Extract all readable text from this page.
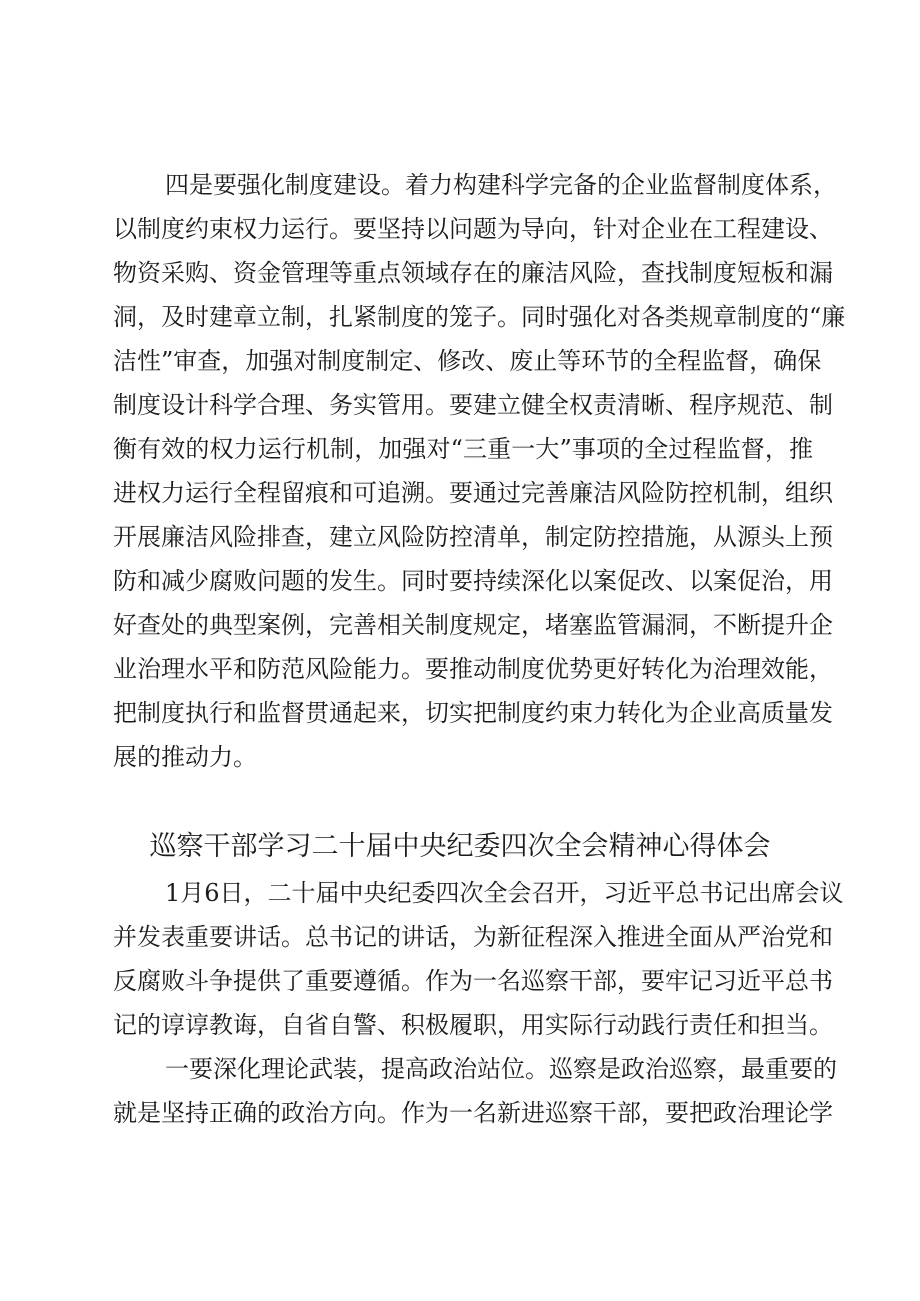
四是要强化制度建设。着力构建科学完备的企业监督制度体系，
以制度约束权力运行。要坚持以问题为导向，针对企业在工程建设、
物资采购、资金管理等重点领域存在的廉洁风险，查找制度短板和漏
洞，及时建章立制，扎紧制度的笼子。同时强化对各类规章制度的“廉
洁性”审查，加强对制度制定、修改、废止等环节的全程监督，确保
制度设计科学合理、务实管用。要建立健全权责清晰、程序规范、制
衡有效的权力运行机制，加强对“三重一大”事项的全过程监督，推
进权力运行全程留痕和可追溯。要通过完善廉洁风险防控机制，组织
开展廉洁风险排查，建立风险防控清单，制定防控措施，从源头上预
防和减少腐败问题的发生。同时要持续深化以案促改、以案促治，用
好查处的典型案例，完善相关制度规定，堵塞监管漏洞，不断提升企
业治理水平和防范风险能力。要推动制度优势更好转化为治理效能，
把制度执行和监督贯通起来，切实把制度约束力转化为企业高质量发
展的推动力。
巡察干部学习二十届中央纪委四次全会精神心得体会
1月6日，二十届中央纪委四次全会召开，习近平总书记出席会议
并发表重要讲话。总书记的讲话，为新征程深入推进全面从严治党和
反腐败斗争提供了重要遵循。作为一名巡察干部，要牢记习近平总书
记的谆谆教诲，自省自警、积极履职，用实际行动践行责任和担当。
一要深化理论武装，提高政治站位。巡察是政治巡察，最重要的
就是坚持正确的政治方向。作为一名新进巡察干部，要把政治理论学
